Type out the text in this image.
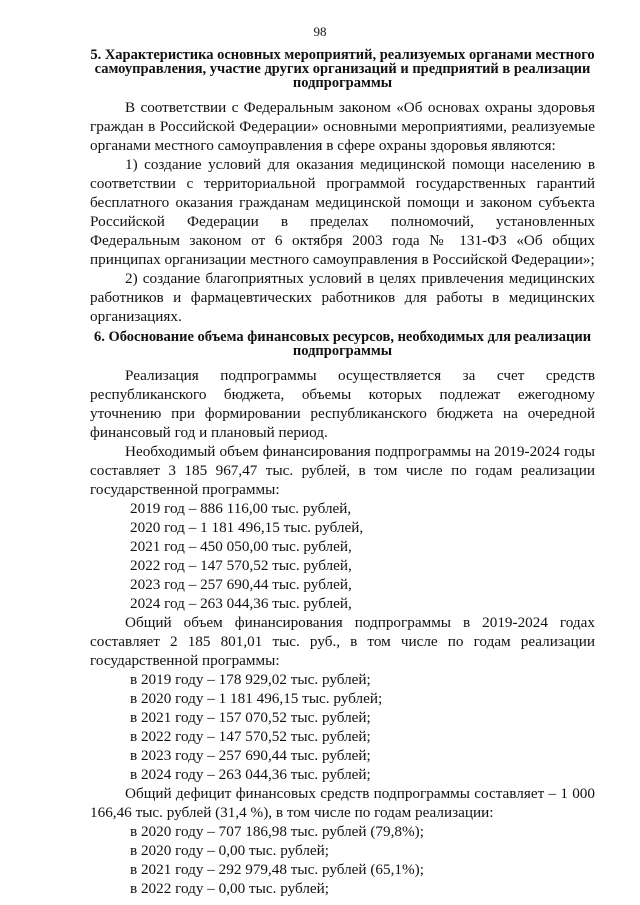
98

5. Характеристика основных мероприятий, реализуемых органами местного самоуправления, участие других организаций и предприятий в реализации подпрограммы

В соответствии с Федеральным законом «Об основах охраны здоровья граждан в Российской Федерации» основными мероприятиями, реализуемые органами местного самоуправления в сфере охраны здоровья являются:

1) создание условий для оказания медицинской помощи населению в соответствии с территориальной программой государственных гарантий бесплатного оказания гражданам медицинской помощи и законом субъекта Российской Федерации в пределах полномочий, установленных Федеральным законом от 6 октября 2003 года № 131-ФЗ «Об общих принципах организации местного самоуправления в Российской Федерации»;

2) создание благоприятных условий в целях привлечения медицинских работников и фармацевтических работников для работы в медицинских организациях.

6. Обоснование объема финансовых ресурсов, необходимых для реализации подпрограммы

Реализация подпрограммы осуществляется за счет средств республиканского бюджета, объемы которых подлежат ежегодному уточнению при формировании республиканского бюджета на очередной финансовый год и плановый период.

Необходимый объем финансирования подпрограммы на 2019-2024 годы составляет 3 185 967,47 тыс. рублей, в том числе по годам реализации государственной программы:

2019 год – 886 116,00 тыс. рублей,

2020 год – 1 181 496,15 тыс. рублей,

2021 год – 450 050,00 тыс. рублей,

2022 год – 147 570,52 тыс. рублей,

2023 год – 257 690,44 тыс. рублей,

2024 год – 263 044,36 тыс. рублей,

Общий объем финансирования подпрограммы в 2019-2024 годах составляет 2 185 801,01 тыс. руб., в том числе по годам реализации государственной программы:

в 2019 году – 178 929,02 тыс. рублей;

в 2020 году – 1 181 496,15 тыс. рублей;

в 2021 году – 157 070,52 тыс. рублей;

в 2022 году – 147 570,52 тыс. рублей;

в 2023 году – 257 690,44 тыс. рублей;

в 2024 году – 263 044,36 тыс. рублей;

Общий дефицит финансовых средств подпрограммы составляет – 1 000 166,46 тыс. рублей (31,4 %), в том числе по годам реализации:

в 2020 году – 707 186,98 тыс. рублей (79,8%);

в 2020 году – 0,00 тыс. рублей;

в 2021 году – 292 979,48 тыс. рублей (65,1%);

в 2022 году – 0,00 тыс. рублей;
